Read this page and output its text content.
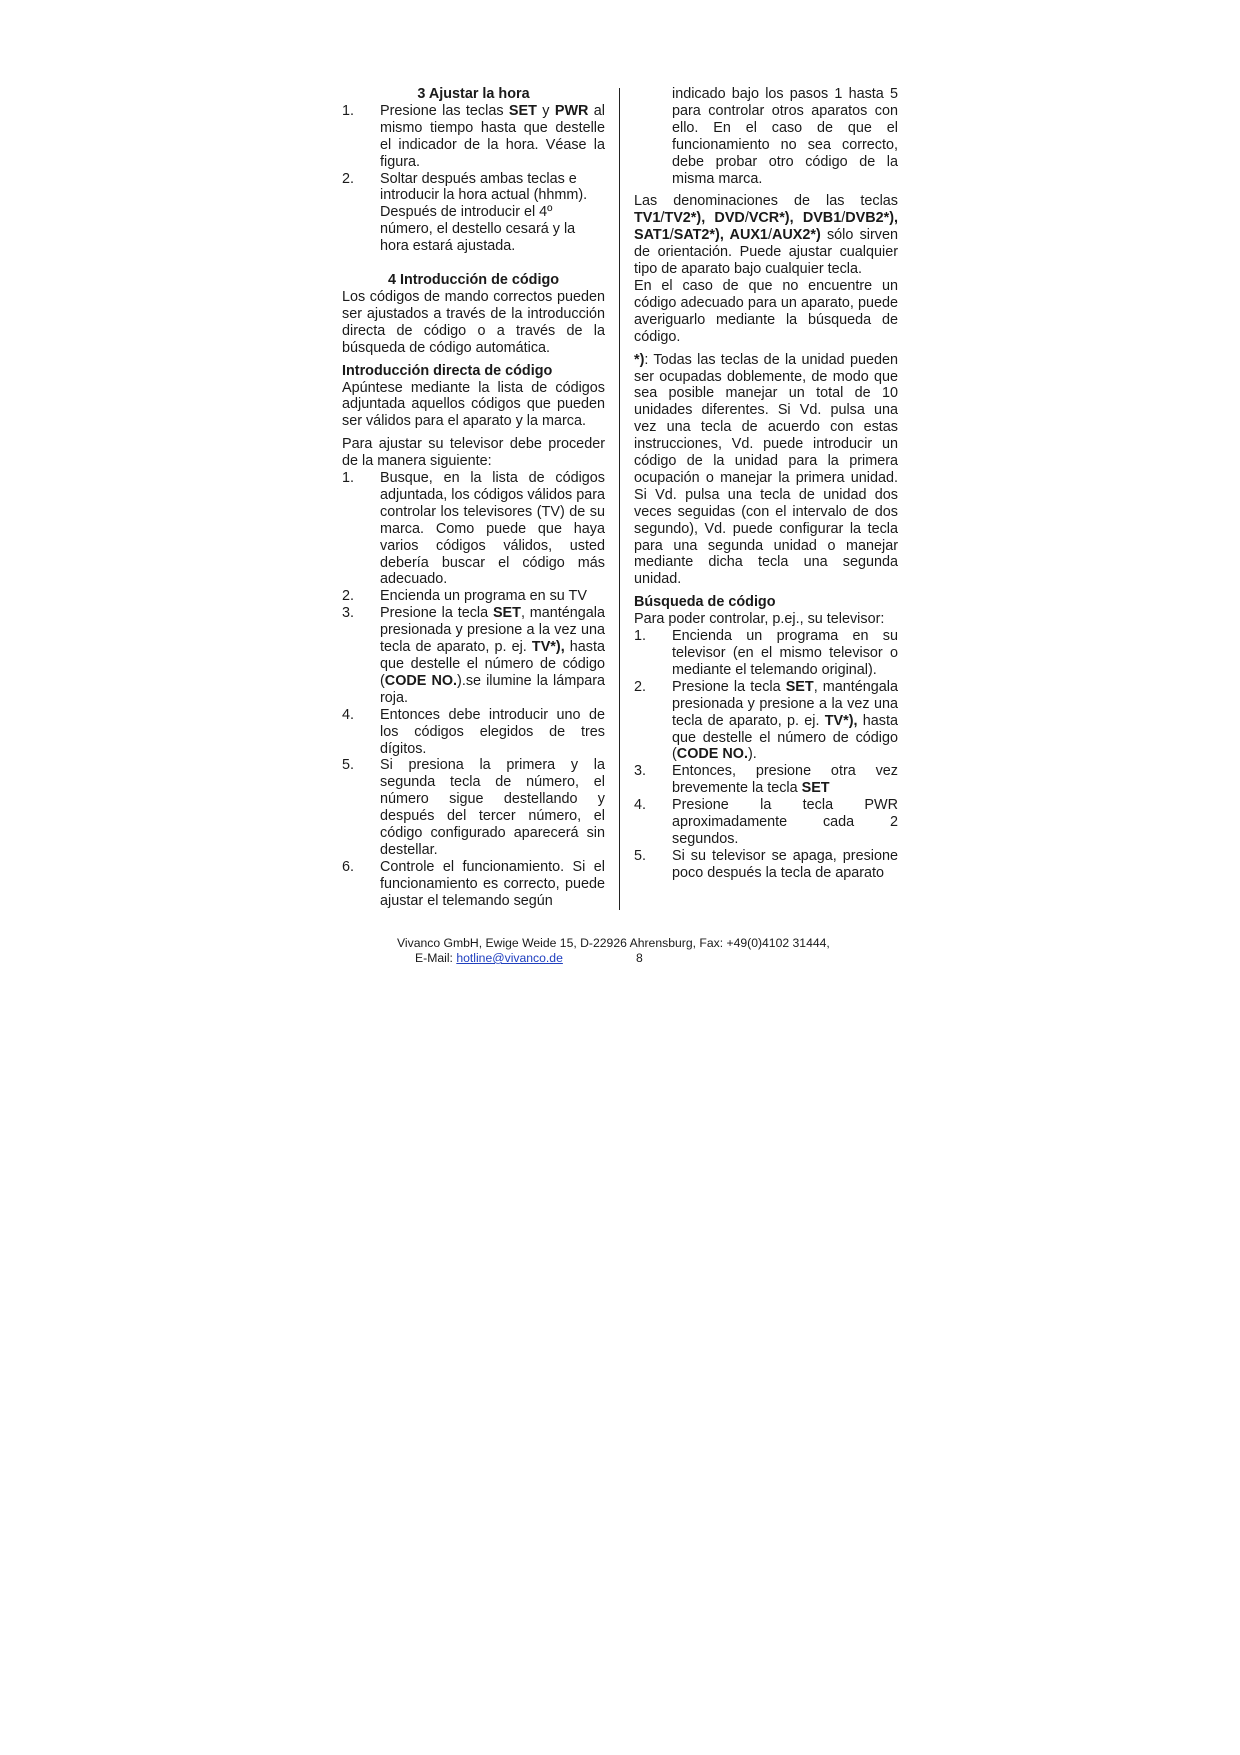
3 Ajustar la hora
1.	Presione las teclas SET y PWR al mismo tiempo hasta que destelle el indicador de la hora. Véase la figura.
2.	Soltar después ambas teclas e introducir la hora actual (hhmm). Después de introducir el 4º número, el destello cesará y la hora estará ajustada.
4 Introducción de código
Los códigos de mando correctos pueden ser ajustados a través de la introducción directa de código o a través de la búsqueda de código automática.
Introducción directa de código
Apúntese mediante la lista de códigos adjuntada aquellos códigos que pueden ser válidos para el aparato y la marca.
Para ajustar su televisor debe proceder de la manera siguiente:
1.	Busque, en la lista de códigos adjuntada, los códigos válidos para controlar los televisores (TV) de su marca. Como puede que haya varios códigos válidos, usted debería buscar el código más adecuado.
2.	Encienda un programa en su TV
3.	Presione la tecla SET, manténgala presionada y presione a la vez una tecla de aparato, p. ej. TV*), hasta que destelle el número de código (CODE NO.).se ilumine la lámpara roja.
4.	Entonces debe introducir uno de los códigos elegidos de tres dígitos.
5.	Si presiona la primera y la segunda tecla de número, el número sigue destellando y después del tercer número, el código configurado aparecerá sin destellar.
6.	Controle el funcionamiento. Si el funcionamiento es correcto, puede ajustar el telemando según
indicado bajo los pasos 1 hasta 5 para controlar otros aparatos con ello. En el caso de que el funcionamiento no sea correcto, debe probar otro código de la misma marca.
Las denominaciones de las teclas TV1/TV2*), DVD/VCR*), DVB1/DVB2*), SAT1/SAT2*), AUX1/AUX2*) sólo sirven de orientación. Puede ajustar cualquier tipo de aparato bajo cualquier tecla.
En el caso de que no encuentre un código adecuado para un aparato, puede averiguarlo mediante la búsqueda de código.
*): Todas las teclas de la unidad pueden ser ocupadas doblemente, de modo que sea posible manejar un total de 10 unidades diferentes. Si Vd. pulsa una vez una tecla de acuerdo con estas instrucciones, Vd. puede introducir un código de la unidad para la primera ocupación o manejar la primera unidad. Si Vd. pulsa una tecla de unidad dos veces seguidas (con el intervalo de dos segundo), Vd. puede configurar la tecla para una segunda unidad o manejar mediante dicha tecla una segunda unidad.
Búsqueda de código
Para poder controlar, p.ej., su televisor:
1.	Encienda un programa en su televisor (en el mismo televisor o mediante el telemando original).
2.	Presione la tecla SET, manténgala presionada y presione a la vez una tecla de aparato, p. ej. TV*), hasta que destelle el número de código (CODE NO.).
3.	Entonces, presione otra vez brevemente la tecla SET
4.	Presione la tecla PWR aproximadamente cada 2 segundos.
5.	Si su televisor se apaga, presione poco después la tecla de aparato
Vivanco GmbH, Ewige Weide 15, D-22926 Ahrensburg, Fax: +49(0)4102 31444,
E-Mail: hotline@vivanco.de	8
